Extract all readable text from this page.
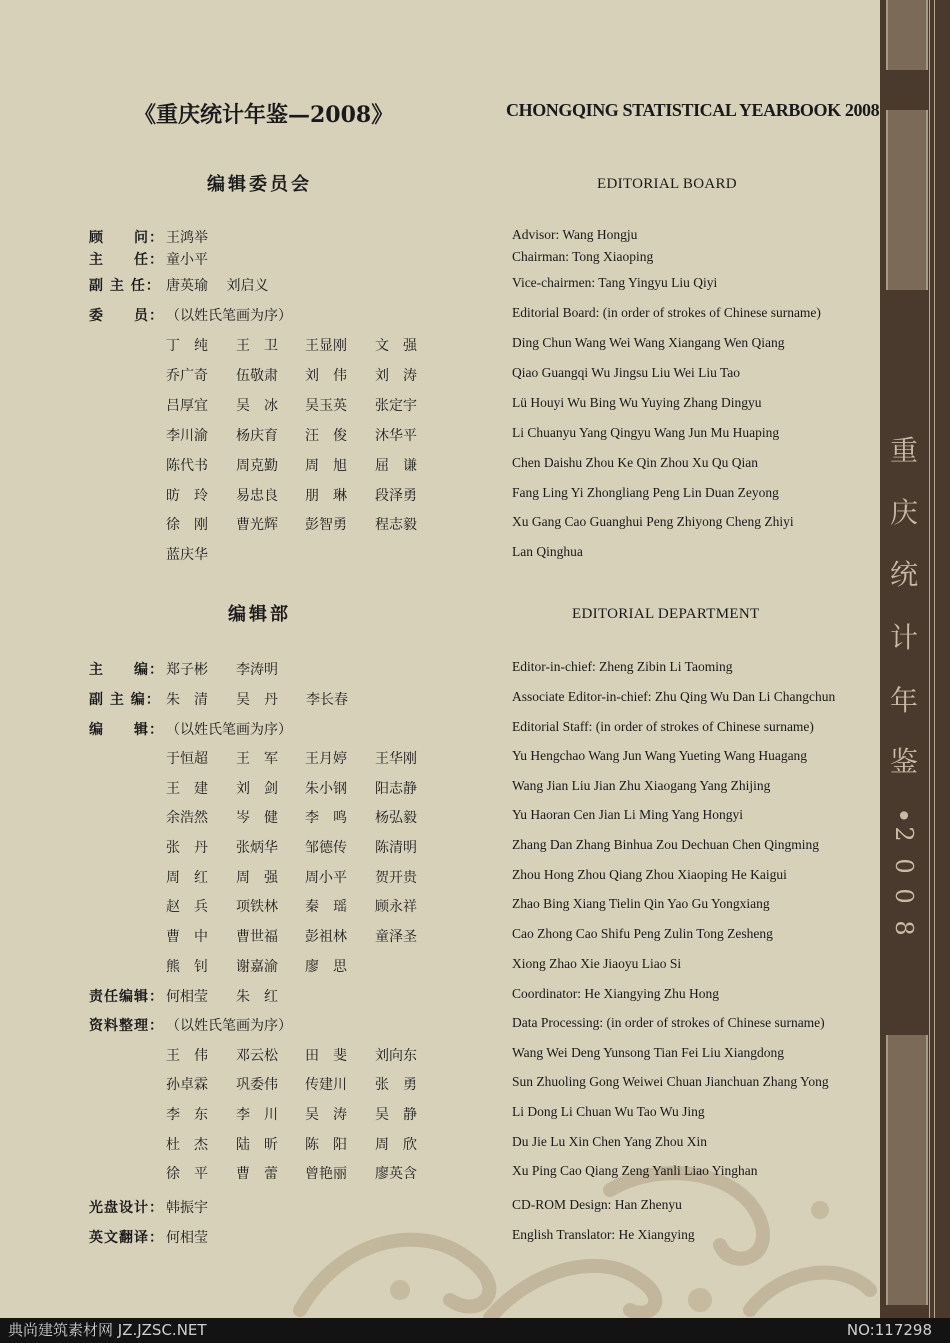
重
庆
统
计
年
鉴
•
2
0
0
8
《重庆统计年鉴—2008》	CHONGQING STATISTICAL YEARBOOK 2008
编辑委员会	EDITORIAL BOARD
顾　　问： 王鸿举	Advisor: Wang Hongju
主　　任： 童小平	Chairman: Tong Xiaoping
副 主 任： 唐英瑜　 刘启义	Vice-chairmen: Tang Yingyu Liu Qiyi
委　　员： （以姓氏笔画为序）	Editorial Board: (in order of strokes of Chinese surname)
丁　纯 王　卫 王显刚 文　强	Ding Chun Wang Wei Wang Xiangang Wen Qiang
乔广奇 伍敬肃 刘　伟 刘　涛	Qiao Guangqi Wu Jingsu Liu Wei Liu Tao
吕厚宜 吴　冰 吴玉英 张定宇	Lü Houyi Wu Bing Wu Yuying Zhang Dingyu
李川渝 杨庆育 汪　俊 沐华平	Li Chuanyu Yang Qingyu Wang Jun Mu Huaping
陈代书 周克勤 周　旭 屈　谦	Chen Daishu Zhou Ke Qin Zhou Xu Qu Qian
昉　玲 易忠良 朋　琳 段泽勇	Fang Ling Yi Zhongliang Peng Lin Duan Zeyong
徐　刚 曹光辉 彭智勇 程志毅	Xu Gang Cao Guanghui Peng Zhiyong Cheng Zhiyi
蓝庆华	Lan Qinghua
编辑部	EDITORIAL DEPARTMENT
主　　编： 郑子彬　　李涛明	Editor-in-chief: Zheng Zibin Li Taoming
副 主 编： 朱　清　　吴　丹　　李长春	Associate Editor-in-chief: Zhu Qing Wu Dan Li Changchun
编　　辑： （以姓氏笔画为序）	Editorial Staff: (in order of strokes of Chinese surname)
于恒超 王　军 王月婷 王华刚	Yu Hengchao Wang Jun Wang Yueting Wang Huagang
王　建 刘　剑 朱小钢 阳志静	Wang Jian Liu Jian Zhu Xiaogang Yang Zhijing
余浩然 岑　健 李　鸣 杨弘毅	Yu Haoran Cen Jian Li Ming Yang Hongyi
张　丹 张炳华 邹德传 陈清明	Zhang Dan Zhang Binhua Zou Dechuan Chen Qingming
周　红 周　强 周小平 贺开贵	Zhou Hong Zhou Qiang Zhou Xiaoping He Kaigui
赵　兵 项铁林 秦　瑶 顾永祥	Zhao Bing Xiang Tielin Qin Yao Gu Yongxiang
曹　中 曹世福 彭祖林 童泽圣	Cao Zhong Cao Shifu Peng Zulin Tong Zesheng
熊　钊 谢嘉渝 廖　思	Xiong Zhao Xie Jiaoyu Liao Si
责任编辑： 何相莹　　朱　红	Coordinator: He Xiangying Zhu Hong
资料整理： （以姓氏笔画为序）	Data Processing: (in order of strokes of Chinese surname)
王　伟 邓云松 田　斐 刘向东	Wang Wei Deng Yunsong Tian Fei Liu Xiangdong
孙卓霖 巩委伟 传建川 张　勇	Sun Zhuoling Gong Weiwei Chuan Jianchuan Zhang Yong
李　东 李　川 吴　涛 吴　静	Li Dong Li Chuan Wu Tao Wu Jing
杜　杰 陆　昕 陈　阳 周　欣	Du Jie Lu Xin Chen Yang Zhou Xin
徐　平 曹　蕾 曾艳丽 廖英含	Xu Ping Cao Qiang Zeng Yanli Liao Yinghan
光盘设计： 韩振宇	CD-ROM Design: Han Zhenyu
英文翻译： 何相莹	English Translator: He Xiangying
典尚建筑素材网 JZ.JZSC.NET	NO:117298
